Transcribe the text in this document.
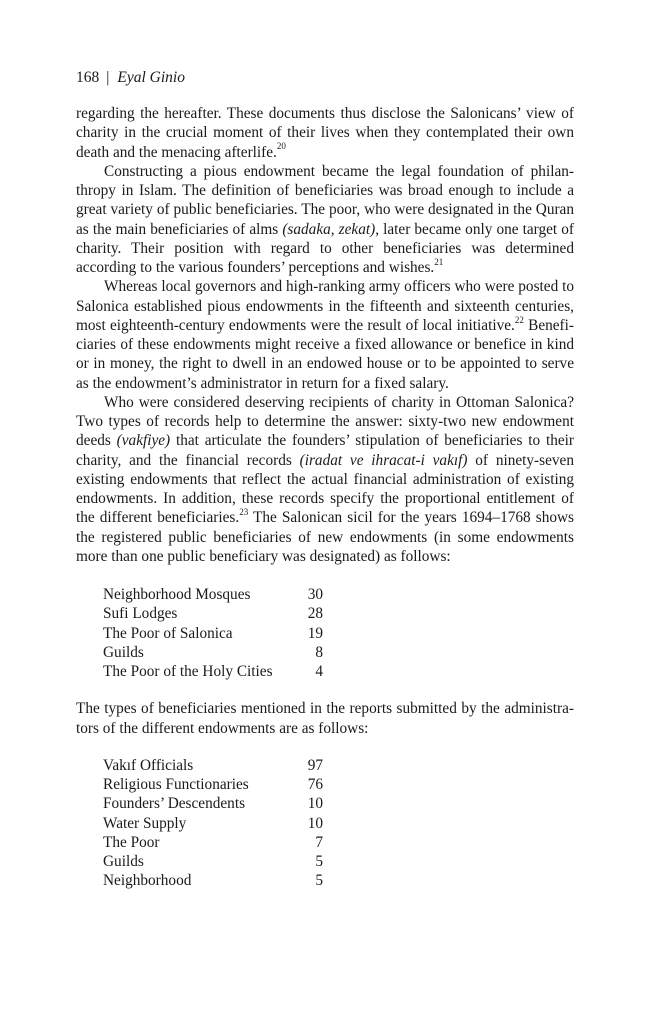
168 | Eyal Ginio

regarding the hereafter. These documents thus disclose the Salonicans’ view of charity in the crucial moment of their lives when they contemplated their own death and the menacing afterlife.$^{20}$

Constructing a pious endowment became the legal foundation of philanthropy in Islam. The definition of beneficiaries was broad enough to include a great variety of public beneficiaries. The poor, who were designated in the Quran as the main beneficiaries of alms (sadaka, zekat), later became only one target of charity. Their position with regard to other beneficiaries was determined according to the various founders’ perceptions and wishes.$^{21}$

Whereas local governors and high-ranking army officers who were posted to Salonica established pious endowments in the fifteenth and sixteenth centuries, most eighteenth-century endowments were the result of local initiative.$^{22}$ Beneficiaries of these endowments might receive a fixed allowance or benefice in kind or in money, the right to dwell in an endowed house or to be appointed to serve as the endowment’s administrator in return for a fixed salary.

Who were considered deserving recipients of charity in Ottoman Salonica? Two types of records help to determine the answer: sixty-two new endowment deeds (vakfiye) that articulate the founders’ stipulation of beneficiaries to their charity, and the financial records (iradat ve ihracat-i vakıf) of ninety-seven existing endowments that reflect the actual financial administration of existing endowments. In addition, these records specify the proportional entitlement of the different beneficiaries.$^{23}$ The Salonican sicil for the years 1694–1768 shows the registered public beneficiaries of new endowments (in some endowments more than one public beneficiary was designated) as follows:

Neighborhood Mosques	30
Sufi Lodges	28
The Poor of Salonica	19
Guilds	8
The Poor of the Holy Cities	4

The types of beneficiaries mentioned in the reports submitted by the administrators of the different endowments are as follows:

Vakıf Officials	97
Religious Functionaries	76
Founders’ Descendents	10
Water Supply	10
The Poor	7
Guilds	5
Neighborhood	5
